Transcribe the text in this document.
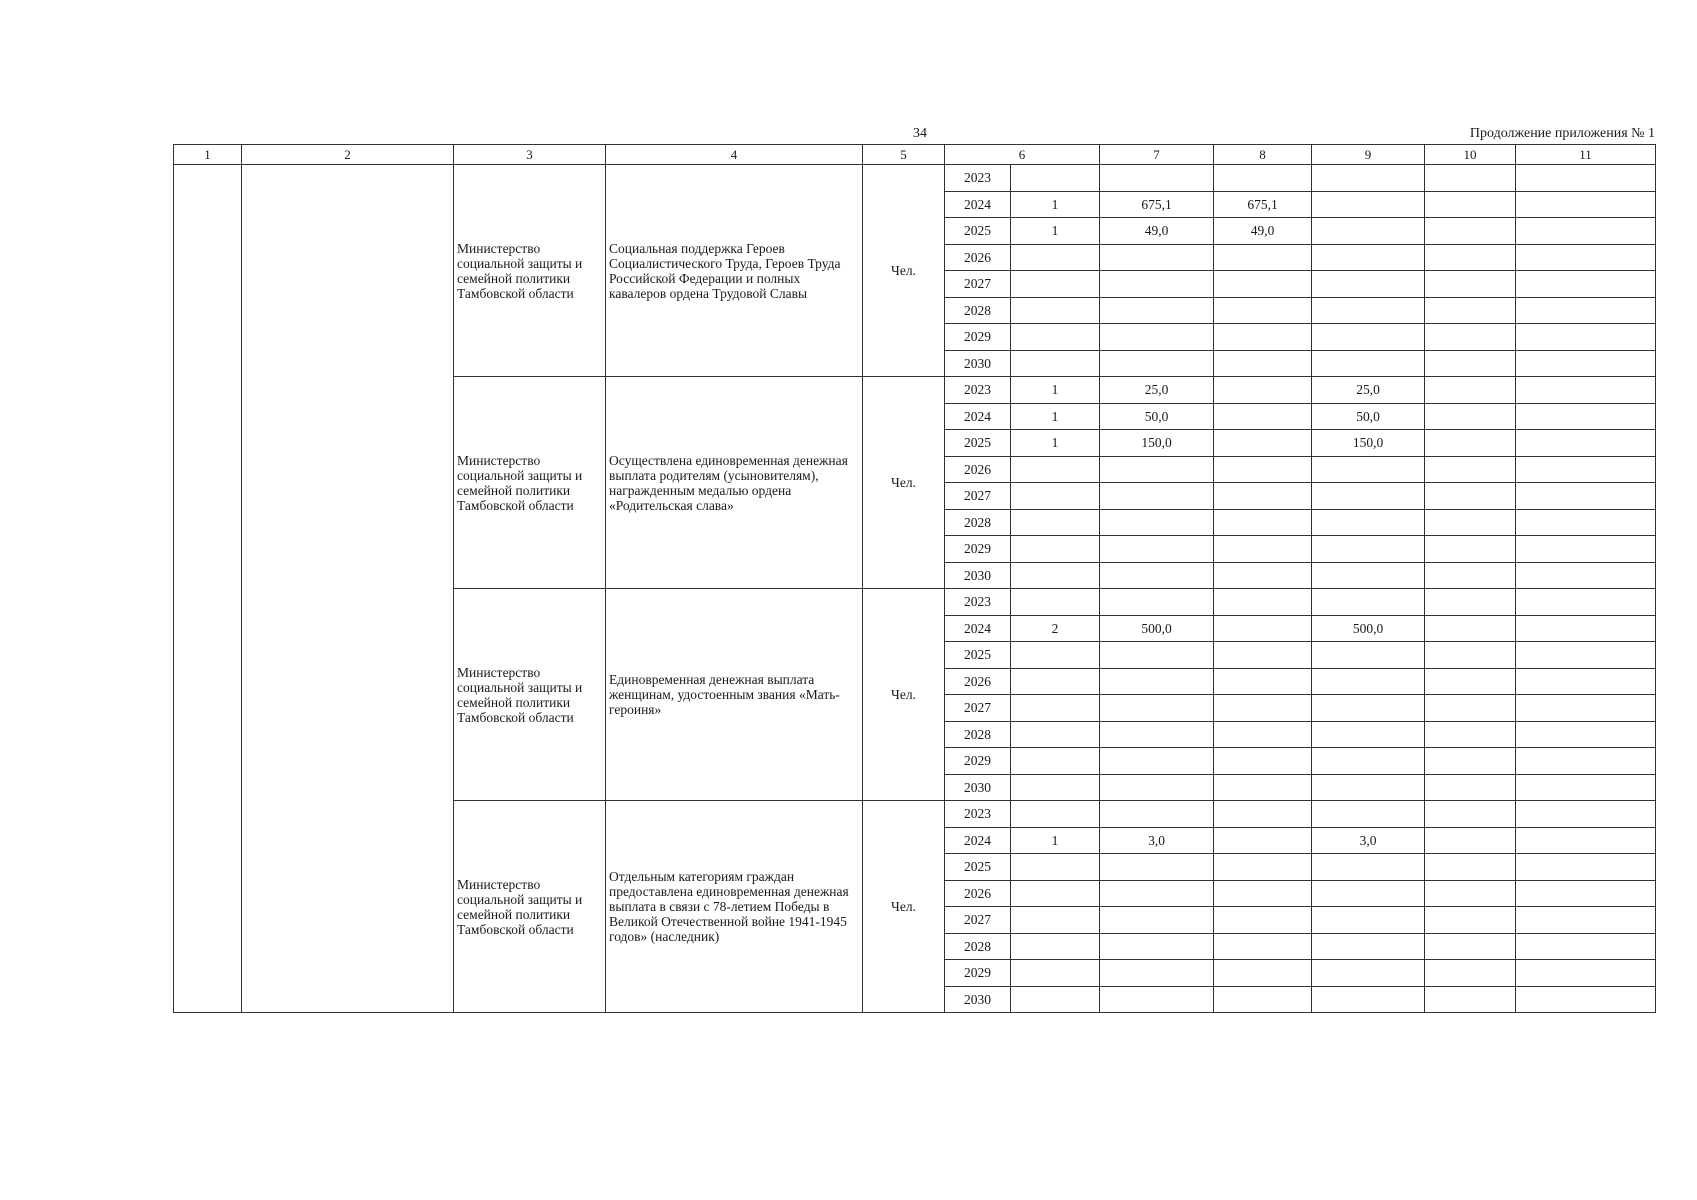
34	Продолжение приложения № 1
1	2	3	4	5	6		7	8	9	10	11
		Министерство социальной защиты и семейной политики Тамбовской области	Социальная поддержка Героев Социалистического Труда, Героев Труда Российской Федерации и полных кавалеров ордена Трудовой Славы	Чел.	2023						
					2024	1	675,1	675,1			
					2025	1	49,0	49,0			
					2026						
					2027						
					2028						
					2029						
					2030						
		Министерство социальной защиты и семейной политики Тамбовской области	Осуществлена единовременная денежная выплата родителям (усыновителям), награжденным медалью ордена «Родительская слава»	Чел.	2023	1	25,0		25,0		
					2024	1	50,0		50,0		
					2025	1	150,0		150,0		
					2026						
					2027						
					2028						
					2029						
					2030						
		Министерство социальной защиты и семейной политики Тамбовской области	Единовременная денежная выплата женщинам, удостоенным звания «Мать-героиня»	Чел.	2023						
					2024	2	500,0		500,0		
					2025						
					2026						
					2027						
					2028						
					2029						
					2030						
		Министерство социальной защиты и семейной политики Тамбовской области	Отдельным категориям граждан предоставлена единовременная денежная выплата в связи с 78-летием Победы в Великой Отечественной войне 1941-1945 годов» (наследник)	Чел.	2023						
					2024	1	3,0		3,0		
					2025						
					2026						
					2027						
					2028						
					2029						
					2030						
